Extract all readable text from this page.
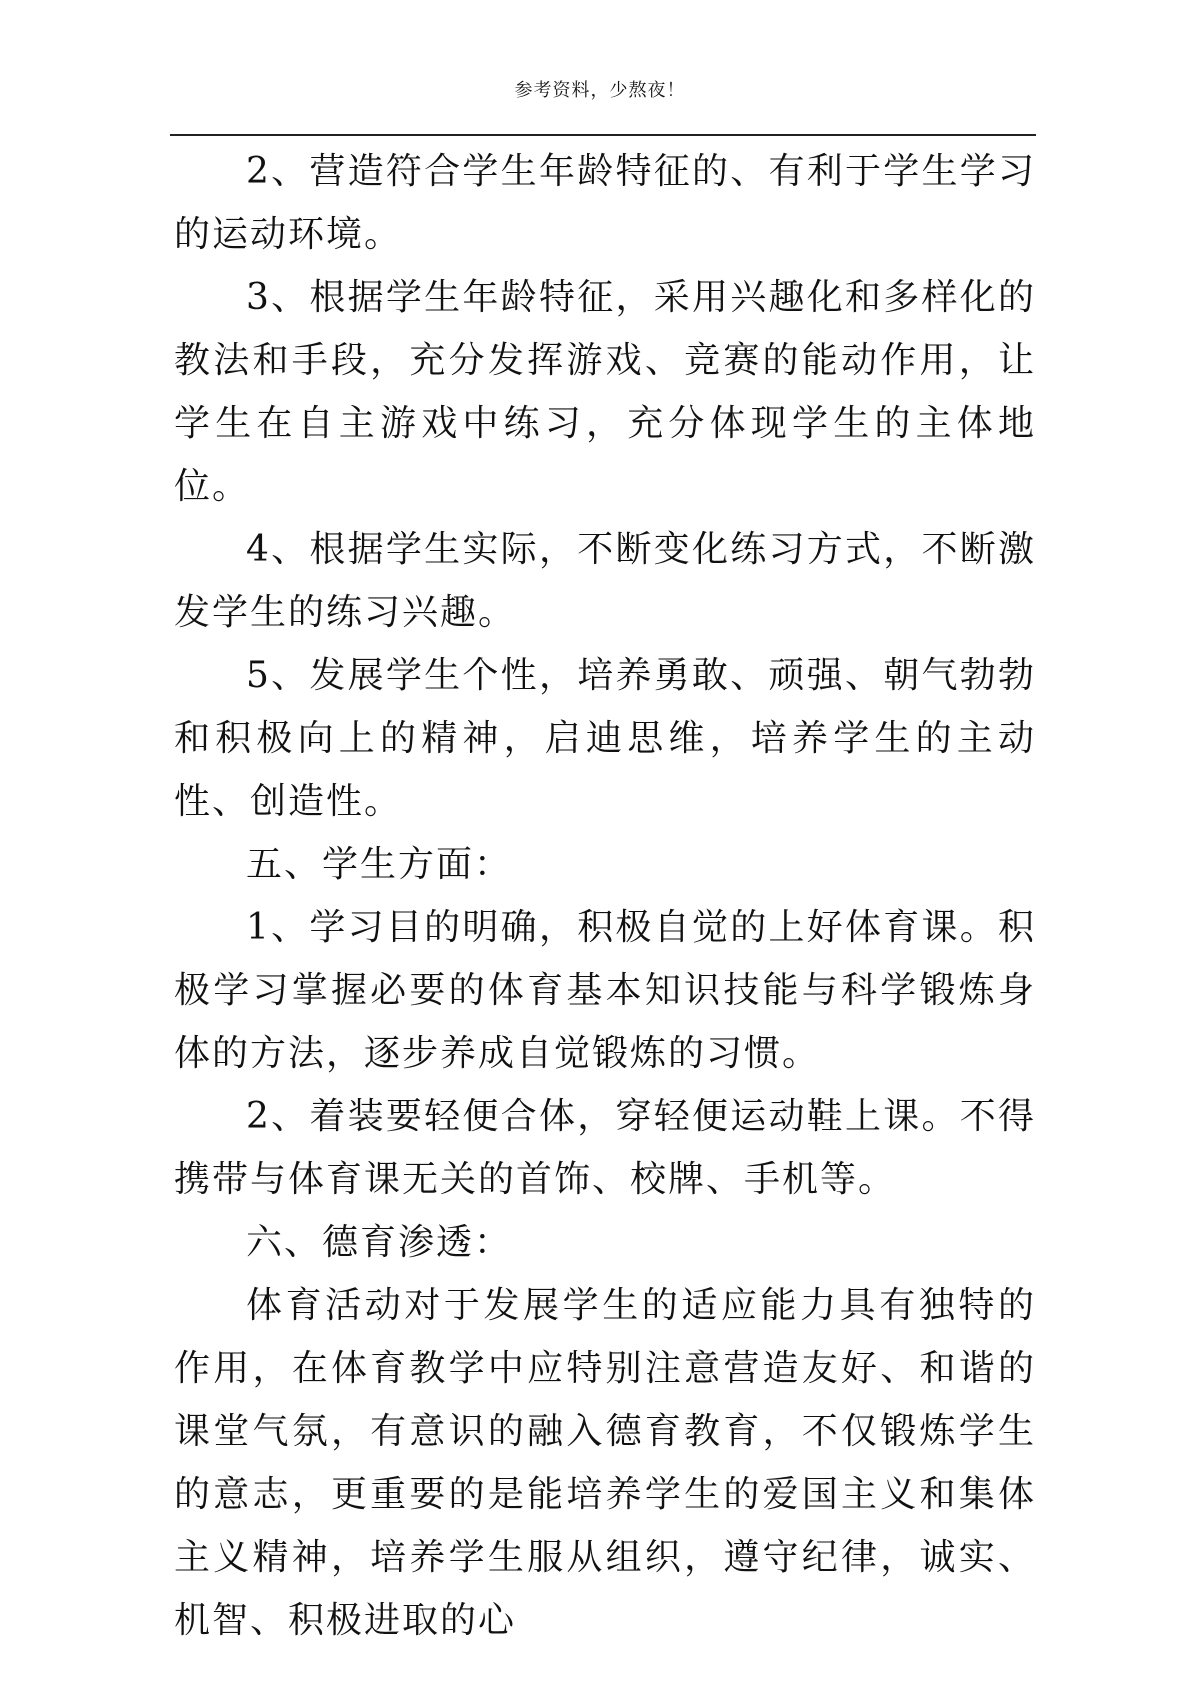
参考资料，少熬夜！

2、营造符合学生年龄特征的、有利于学生学习的运动环境。

3、根据学生年龄特征，采用兴趣化和多样化的教法和手段，充分发挥游戏、竞赛的能动作用，让学生在自主游戏中练习，充分体现学生的主体地位。

4、根据学生实际，不断变化练习方式，不断激发学生的练习兴趣。

5、发展学生个性，培养勇敢、顽强、朝气勃勃和积极向上的精神，启迪思维，培养学生的主动性、创造性。

五、学生方面：

1、学习目的明确，积极自觉的上好体育课。积极学习掌握必要的体育基本知识技能与科学锻炼身体的方法，逐步养成自觉锻炼的习惯。

2、着装要轻便合体，穿轻便运动鞋上课。不得携带与体育课无关的首饰、校牌、手机等。

六、德育渗透：

体育活动对于发展学生的适应能力具有独特的作用，在体育教学中应特别注意营造友好、和谐的课堂气氛，有意识的融入德育教育，不仅锻炼学生的意志，更重要的是能培养学生的爱国主义和集体主义精神，培养学生服从组织，遵守纪律，诚实、机智、积极进取的心
